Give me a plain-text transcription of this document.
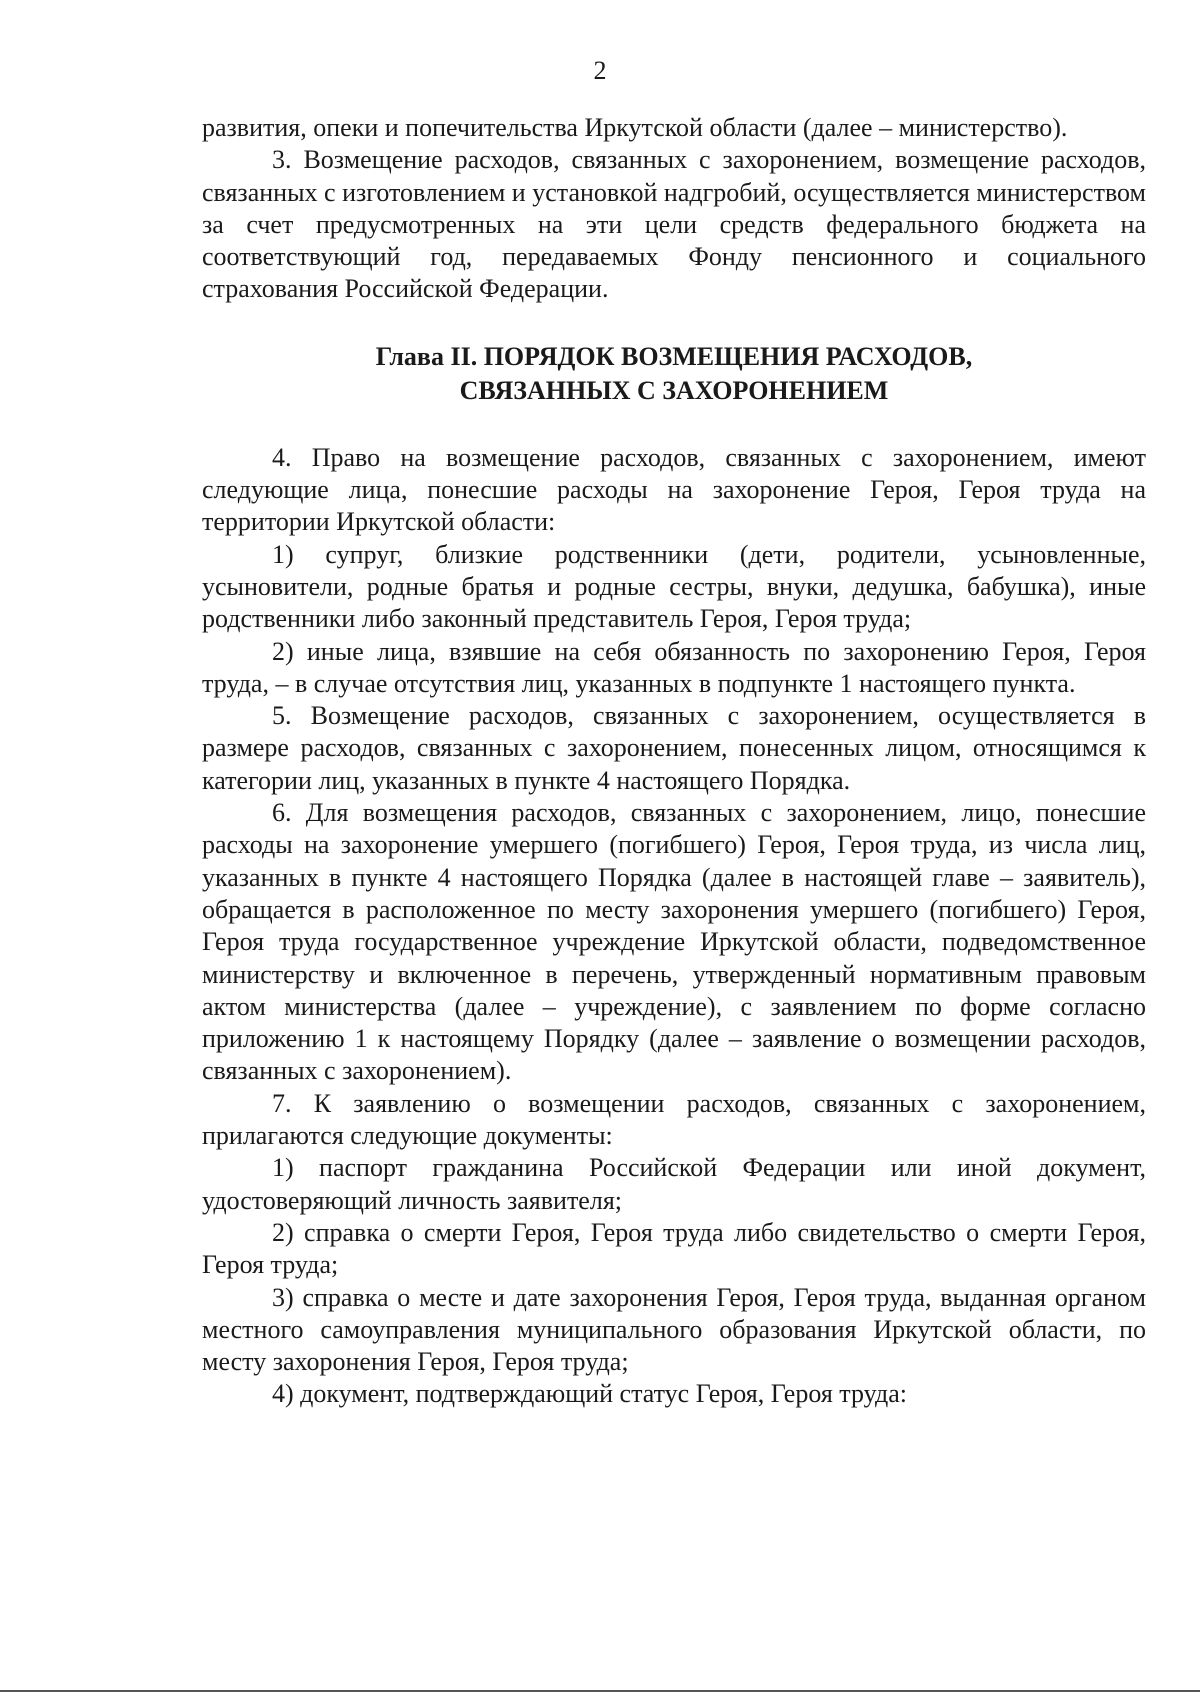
2

развития, опеки и попечительства Иркутской области (далее – министерство).

3. Возмещение расходов, связанных с захоронением, возмещение расходов, связанных с изготовлением и установкой надгробий, осуществляется министерством за счет предусмотренных на эти цели средств федерального бюджета на соответствующий год, передаваемых Фонду пенсионного и социального страхования Российской Федерации.

Глава II. ПОРЯДОК ВОЗМЕЩЕНИЯ РАСХОДОВ,
СВЯЗАННЫХ С ЗАХОРОНЕНИЕМ

4. Право на возмещение расходов, связанных с захоронением, имеют следующие лица, понесшие расходы на захоронение Героя, Героя труда на территории Иркутской области:

1) супруг, близкие родственники (дети, родители, усыновленные, усыновители, родные братья и родные сестры, внуки, дедушка, бабушка), иные родственники либо законный представитель Героя, Героя труда;

2) иные лица, взявшие на себя обязанность по захоронению Героя, Героя труда, – в случае отсутствия лиц, указанных в подпункте 1 настоящего пункта.

5. Возмещение расходов, связанных с захоронением, осуществляется в размере расходов, связанных с захоронением, понесенных лицом, относящимся к категории лиц, указанных в пункте 4 настоящего Порядка.

6. Для возмещения расходов, связанных с захоронением, лицо, понесшие расходы на захоронение умершего (погибшего) Героя, Героя труда, из числа лиц, указанных в пункте 4 настоящего Порядка (далее в настоящей главе – заявитель), обращается в расположенное по месту захоронения умершего (погибшего) Героя, Героя труда государственное учреждение Иркутской области, подведомственное министерству и включенное в перечень, утвержденный нормативным правовым актом министерства (далее – учреждение), с заявлением по форме согласно приложению 1 к настоящему Порядку (далее – заявление о возмещении расходов, связанных с захоронением).

7. К заявлению о возмещении расходов, связанных с захоронением, прилагаются следующие документы:

1) паспорт гражданина Российской Федерации или иной документ, удостоверяющий личность заявителя;

2) справка о смерти Героя, Героя труда либо свидетельство о смерти Героя, Героя труда;

3) справка о месте и дате захоронения Героя, Героя труда, выданная органом местного самоуправления муниципального образования Иркутской области, по месту захоронения Героя, Героя труда;

4) документ, подтверждающий статус Героя, Героя труда:
